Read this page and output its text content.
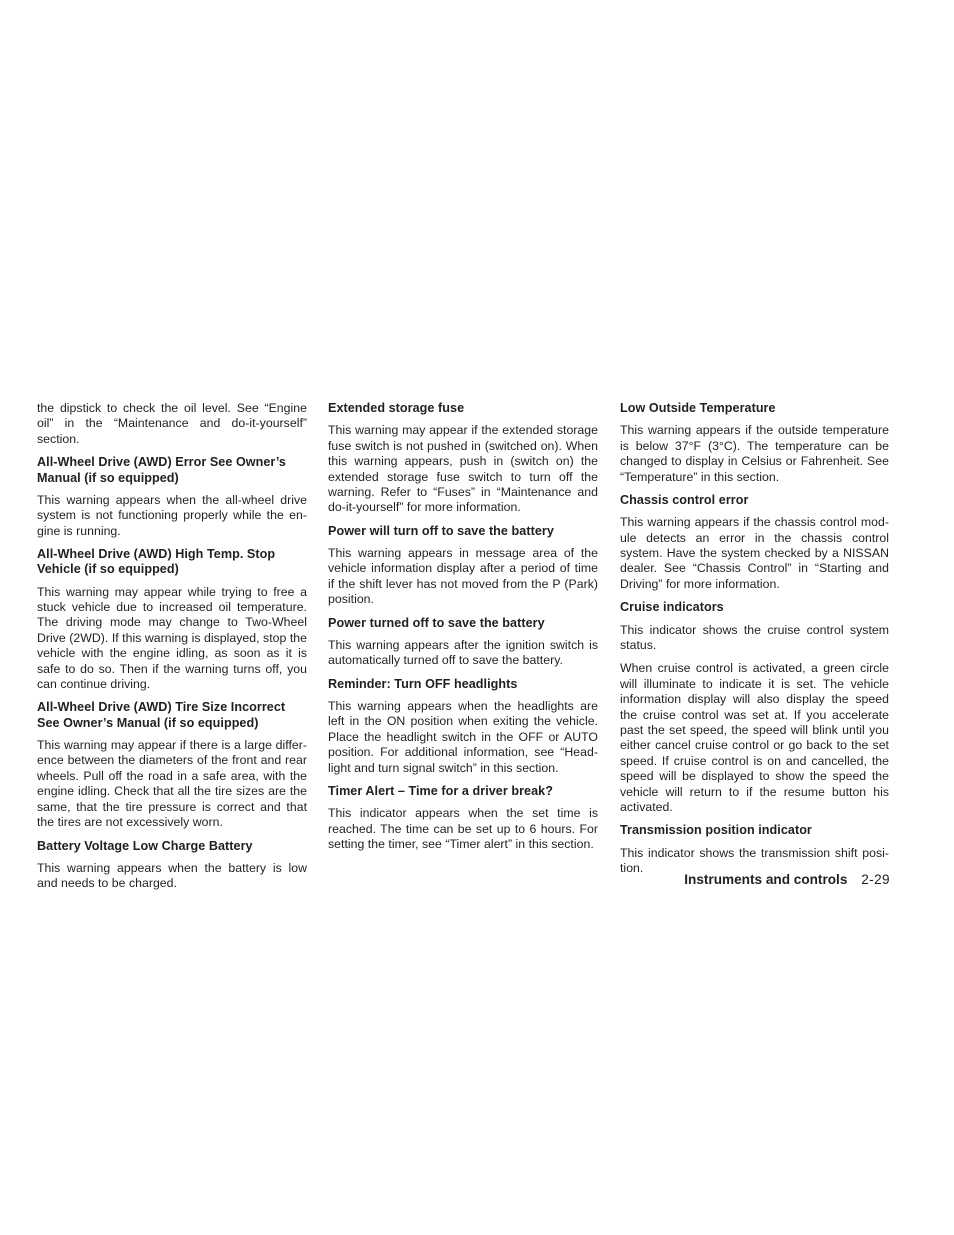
the dipstick to check the oil level. See “Engine oil” in the “Maintenance and do-it-yourself” section.

All-Wheel Drive (AWD) Error See Owner’s Manual (if so equipped)

This warning appears when the all-wheel drive system is not functioning properly while the en- gine is running.

All-Wheel Drive (AWD) High Temp. Stop Vehicle (if so equipped)

This warning may appear while trying to free a stuck vehicle due to increased oil temperature. The driving mode may change to Two-Wheel Drive (2WD). If this warning is displayed, stop the vehicle with the engine idling, as soon as it is safe to do so. Then if the warning turns off, you can continue driving.

All-Wheel Drive (AWD) Tire Size Incorrect See Owner’s Manual (if so equipped)

This warning may appear if there is a large differ- ence between the diameters of the front and rear wheels. Pull off the road in a safe area, with the engine idling. Check that all the tire sizes are the same, that the tire pressure is correct and that the tires are not excessively worn.

Battery Voltage Low Charge Battery

This warning appears when the battery is low and needs to be charged.

Extended storage fuse

This warning may appear if the extended storage fuse switch is not pushed in (switched on). When this warning appears, push in (switch on) the extended storage fuse switch to turn off the warning. Refer to “Fuses” in “Maintenance and do-it-yourself” for more information.

Power will turn off to save the battery

This warning appears in message area of the vehicle information display after a period of time if the shift lever has not moved from the P (Park) position.

Power turned off to save the battery

This warning appears after the ignition switch is automatically turned off to save the battery.

Reminder: Turn OFF headlights

This warning appears when the headlights are left in the ON position when exiting the vehicle. Place the headlight switch in the OFF or AUTO position. For additional information, see “Head- light and turn signal switch” in this section.

Timer Alert – Time for a driver break?

This indicator appears when the set time is reached. The time can be set up to 6 hours. For setting the timer, see “Timer alert” in this section.

Low Outside Temperature

This warning appears if the outside temperature is below 37°F (3°C). The temperature can be changed to display in Celsius or Fahrenheit. See “Temperature” in this section.

Chassis control error

This warning appears if the chassis control mod- ule detects an error in the chassis control system. Have the system checked by a NISSAN dealer. See “Chassis Control” in “Starting and Driving” for more information.

Cruise indicators

This indicator shows the cruise control system status.

When cruise control is activated, a green circle will illuminate to indicate it is set. The vehicle information display will also display the speed the cruise control was set at. If you accelerate past the set speed, the speed will blink until you either cancel cruise control or go back to the set speed. If cruise control is on and cancelled, the speed will be displayed to show the speed the vehicle will return to if the resume button his activated.

Transmission position indicator

This indicator shows the transmission shift posi- tion.

Instruments and controls 2-29
